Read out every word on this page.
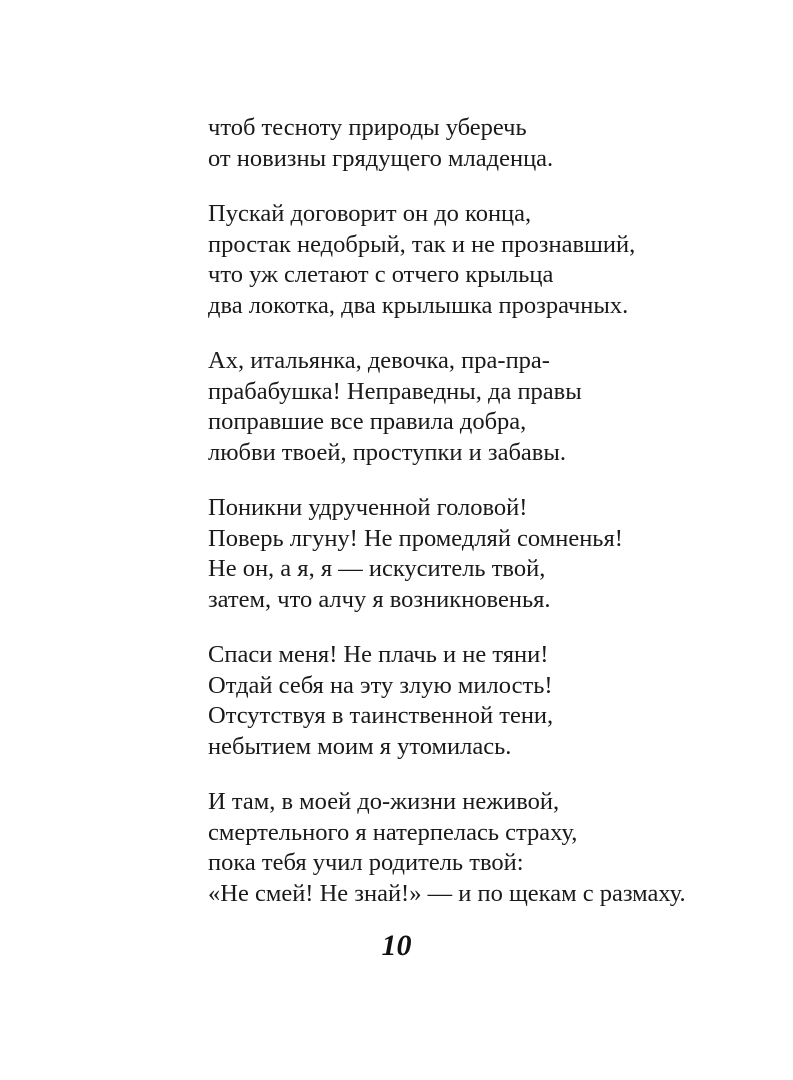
чтоб тесноту природы уберечь
от новизны грядущего младенца.
Пускай договорит он до конца,
простак недобрый, так и не прознавший,
что уж слетают с отчего крыльца
два локотка, два крылышка прозрачных.
Ах, итальянка, девочка, пра-пра-
прабабушка! Неправедны, да правы
поправшие все правила добра,
любви твоей, проступки и забавы.
Поникни удрученной головой!
Поверь лгуну! Не промедляй сомненья!
Не он, а я, я — искуситель твой,
затем, что алчу я возникновенья.
Спаси меня! Не плачь и не тяни!
Отдай себя на эту злую милость!
Отсутствуя в таинственной тени,
небытием моим я утомилась.
И там, в моей до-жизни неживой,
смертельного я натерпелась страху,
пока тебя учил родитель твой:
«Не смей! Не знай!» — и по щекам с размаху.
10
